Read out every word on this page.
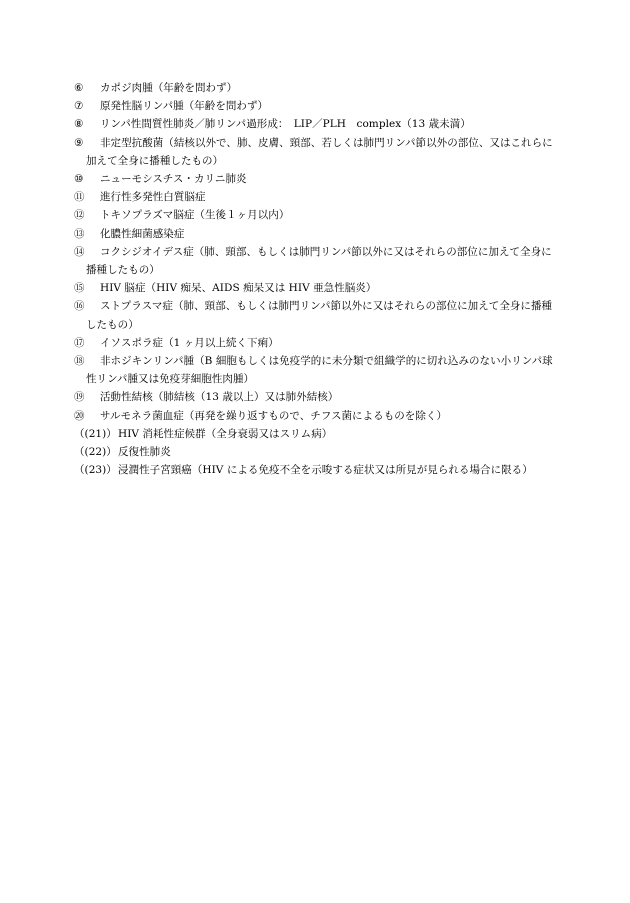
⑥	カポジ肉腫（年齢を問わず）
⑦	原発性脳リンパ腫（年齢を問わず）
⑧	リンパ性間質性肺炎／肺リンパ過形成：　LIP／PLH　complex（13 歳未満）
⑨ 非定型抗酸菌（結核以外で、肺、皮膚、頸部、若しくは肺門リンパ節以外の部位、又はこれらに加えて全身に播種したもの）
⑩	ニューモシスチス・カリニ肺炎
⑪	進行性多発性白質脳症
⑫	トキソプラズマ脳症（生後１ヶ月以内）
⑬	化膿性細菌感染症
⑭ コクシジオイデス症（肺、頸部、もしくは肺門リンパ節以外に又はそれらの部位に加えて全身に播種したもの）
⑮	HIV 脳症（HIV 痴呆、AIDS 痴呆又は HIV 亜急性脳炎）
⑯ ストプラスマ症（肺、頸部、もしくは肺門リンパ節以外に又はそれらの部位に加えて全身に播種したもの）
⑰	イソスポラ症（1 ヶ月以上続く下痢）
⑱ 非ホジキンリンパ腫（B 細胞もしくは免疫学的に未分類で組織学的に切れ込みのない小リンパ球性リンパ腫又は免疫芽細胞性肉腫）
⑲	活動性結核（肺結核（13 歳以上）又は肺外結核）
⑳	サルモネラ菌血症（再発を繰り返すもので、チフス菌によるものを除く）
（(21)） HIV 消耗性症候群（全身衰弱又はスリム病）
（(22)） 反復性肺炎
（(23)）浸潤性子宮頸癌（HIV による免疫不全を示唆する症状又は所見が見られる場合に限る）
